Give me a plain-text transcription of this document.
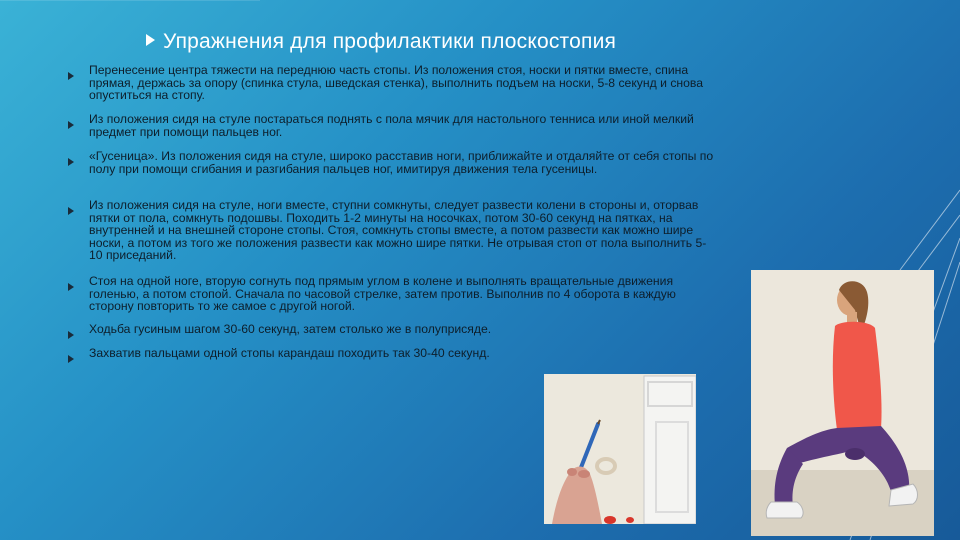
Упражнения для профилактики плоскостопия
Перенесение центра тяжести на переднюю часть стопы. Из положения стоя, носки и пятки вместе, спина прямая, держась за опору (спинка стула, шведская стенка), выполнить подъем на носки, 5-8 секунд и снова опуститься на стопу.
Из положения сидя на стуле постараться поднять с пола мячик для настольного тенниса или иной мелкий предмет при помощи пальцев ног.
«Гусеница». Из положения сидя на стуле, широко расставив ноги, приближайте и отдаляйте от себя стопы по полу при помощи сгибания и разгибания пальцев ног, имитируя движения тела гусеницы.
Из положения сидя на стуле, ноги вместе, ступни сомкнуты, следует развести колени в стороны и, оторвав пятки от пола, сомкнуть подошвы. Походить 1-2 минуты на носочках, потом 30-60 секунд на пятках, на внутренней и на внешней стороне стопы. Стоя, сомкнуть стопы вместе, а потом развести как можно шире носки, а потом из того же положения развести как можно шире пятки. Не отрывая стоп от пола выполнить 5-10 приседаний.
Стоя на одной ноге, вторую согнуть под прямым углом в колене и выполнять вращательные движения голенью, а потом стопой. Сначала по часовой стрелке, затем против. Выполнив по 4 оборота в каждую сторону повторить то же самое с другой ногой.
Ходьба гусиным шагом 30-60 секунд, затем столько же в полуприсяде.
Захватив пальцами одной стопы карандаш походить так 30-40 секунд.
